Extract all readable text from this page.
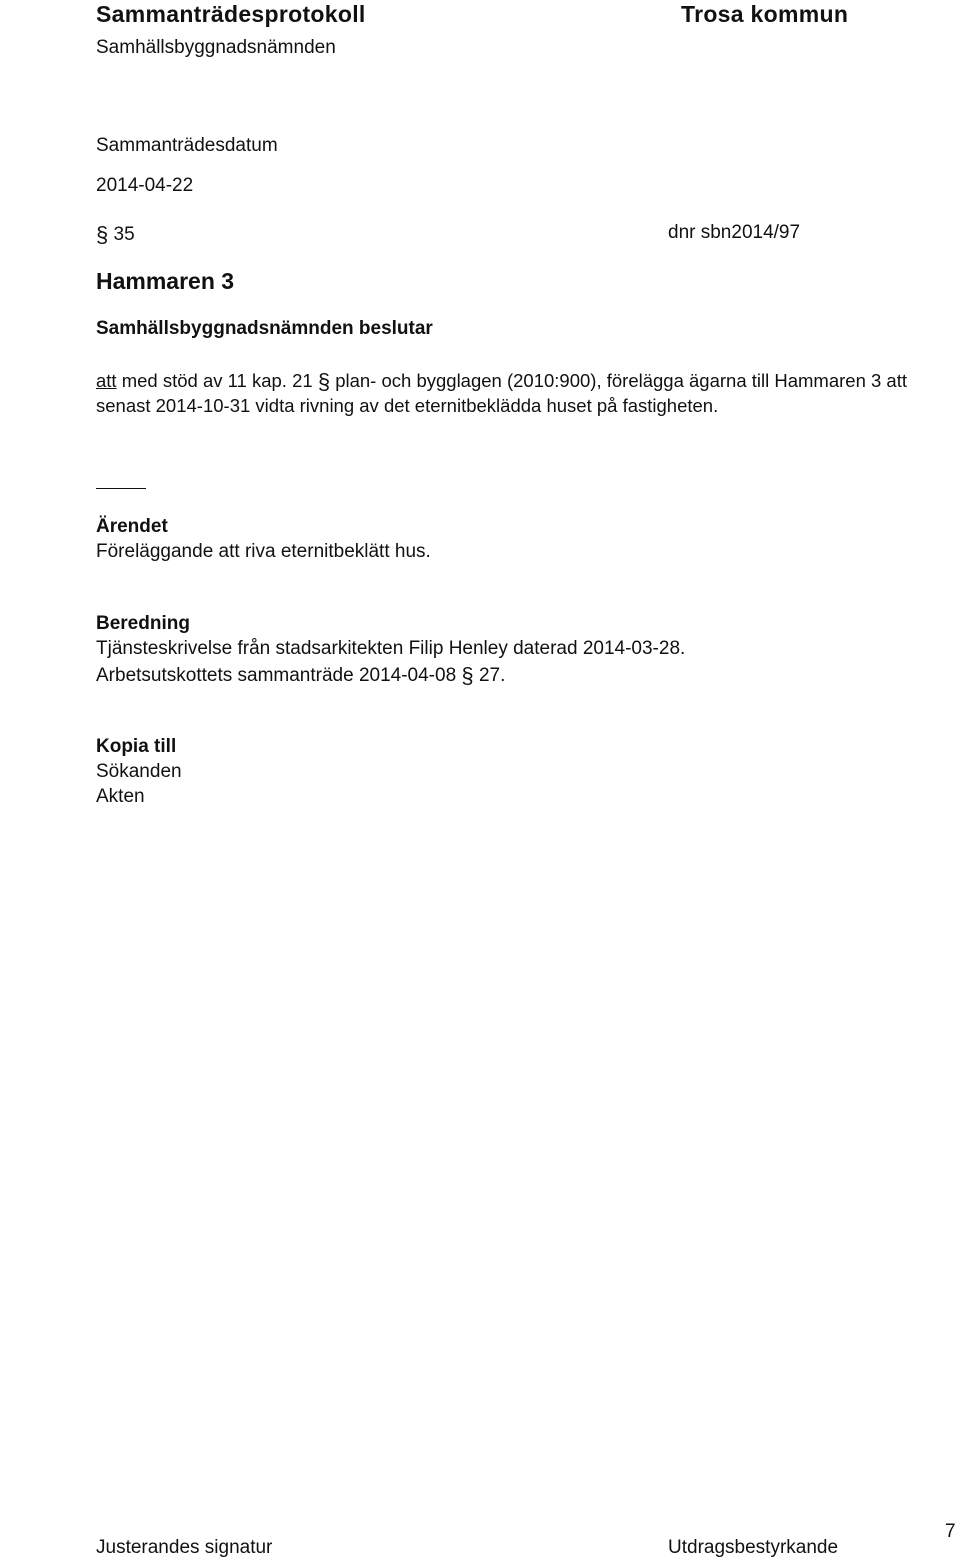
Sammanträdesprotokoll	Trosa kommun
Samhällsbyggnadsnämnden
Sammanträdesdatum
2014-04-22
§ 35	dnr sbn2014/97
Hammaren 3
Samhällsbyggnadsnämnden beslutar
att med stöd av 11 kap. 21 § plan- och bygglagen (2010:900), förelägga ägarna till Hammaren 3 att senast 2014-10-31 vidta rivning av det eternitbeklädda huset på fastigheten.
Ärendet
Föreläggande att riva eternitbeklätt hus.
Beredning
Tjänsteskrivelse från stadsarkitekten Filip Henley daterad 2014-03-28.
Arbetsutskottets sammanträde 2014-04-08 § 27.
Kopia till
Sökanden
Akten
Justerandes signatur	Utdragsbestyrkande
7
